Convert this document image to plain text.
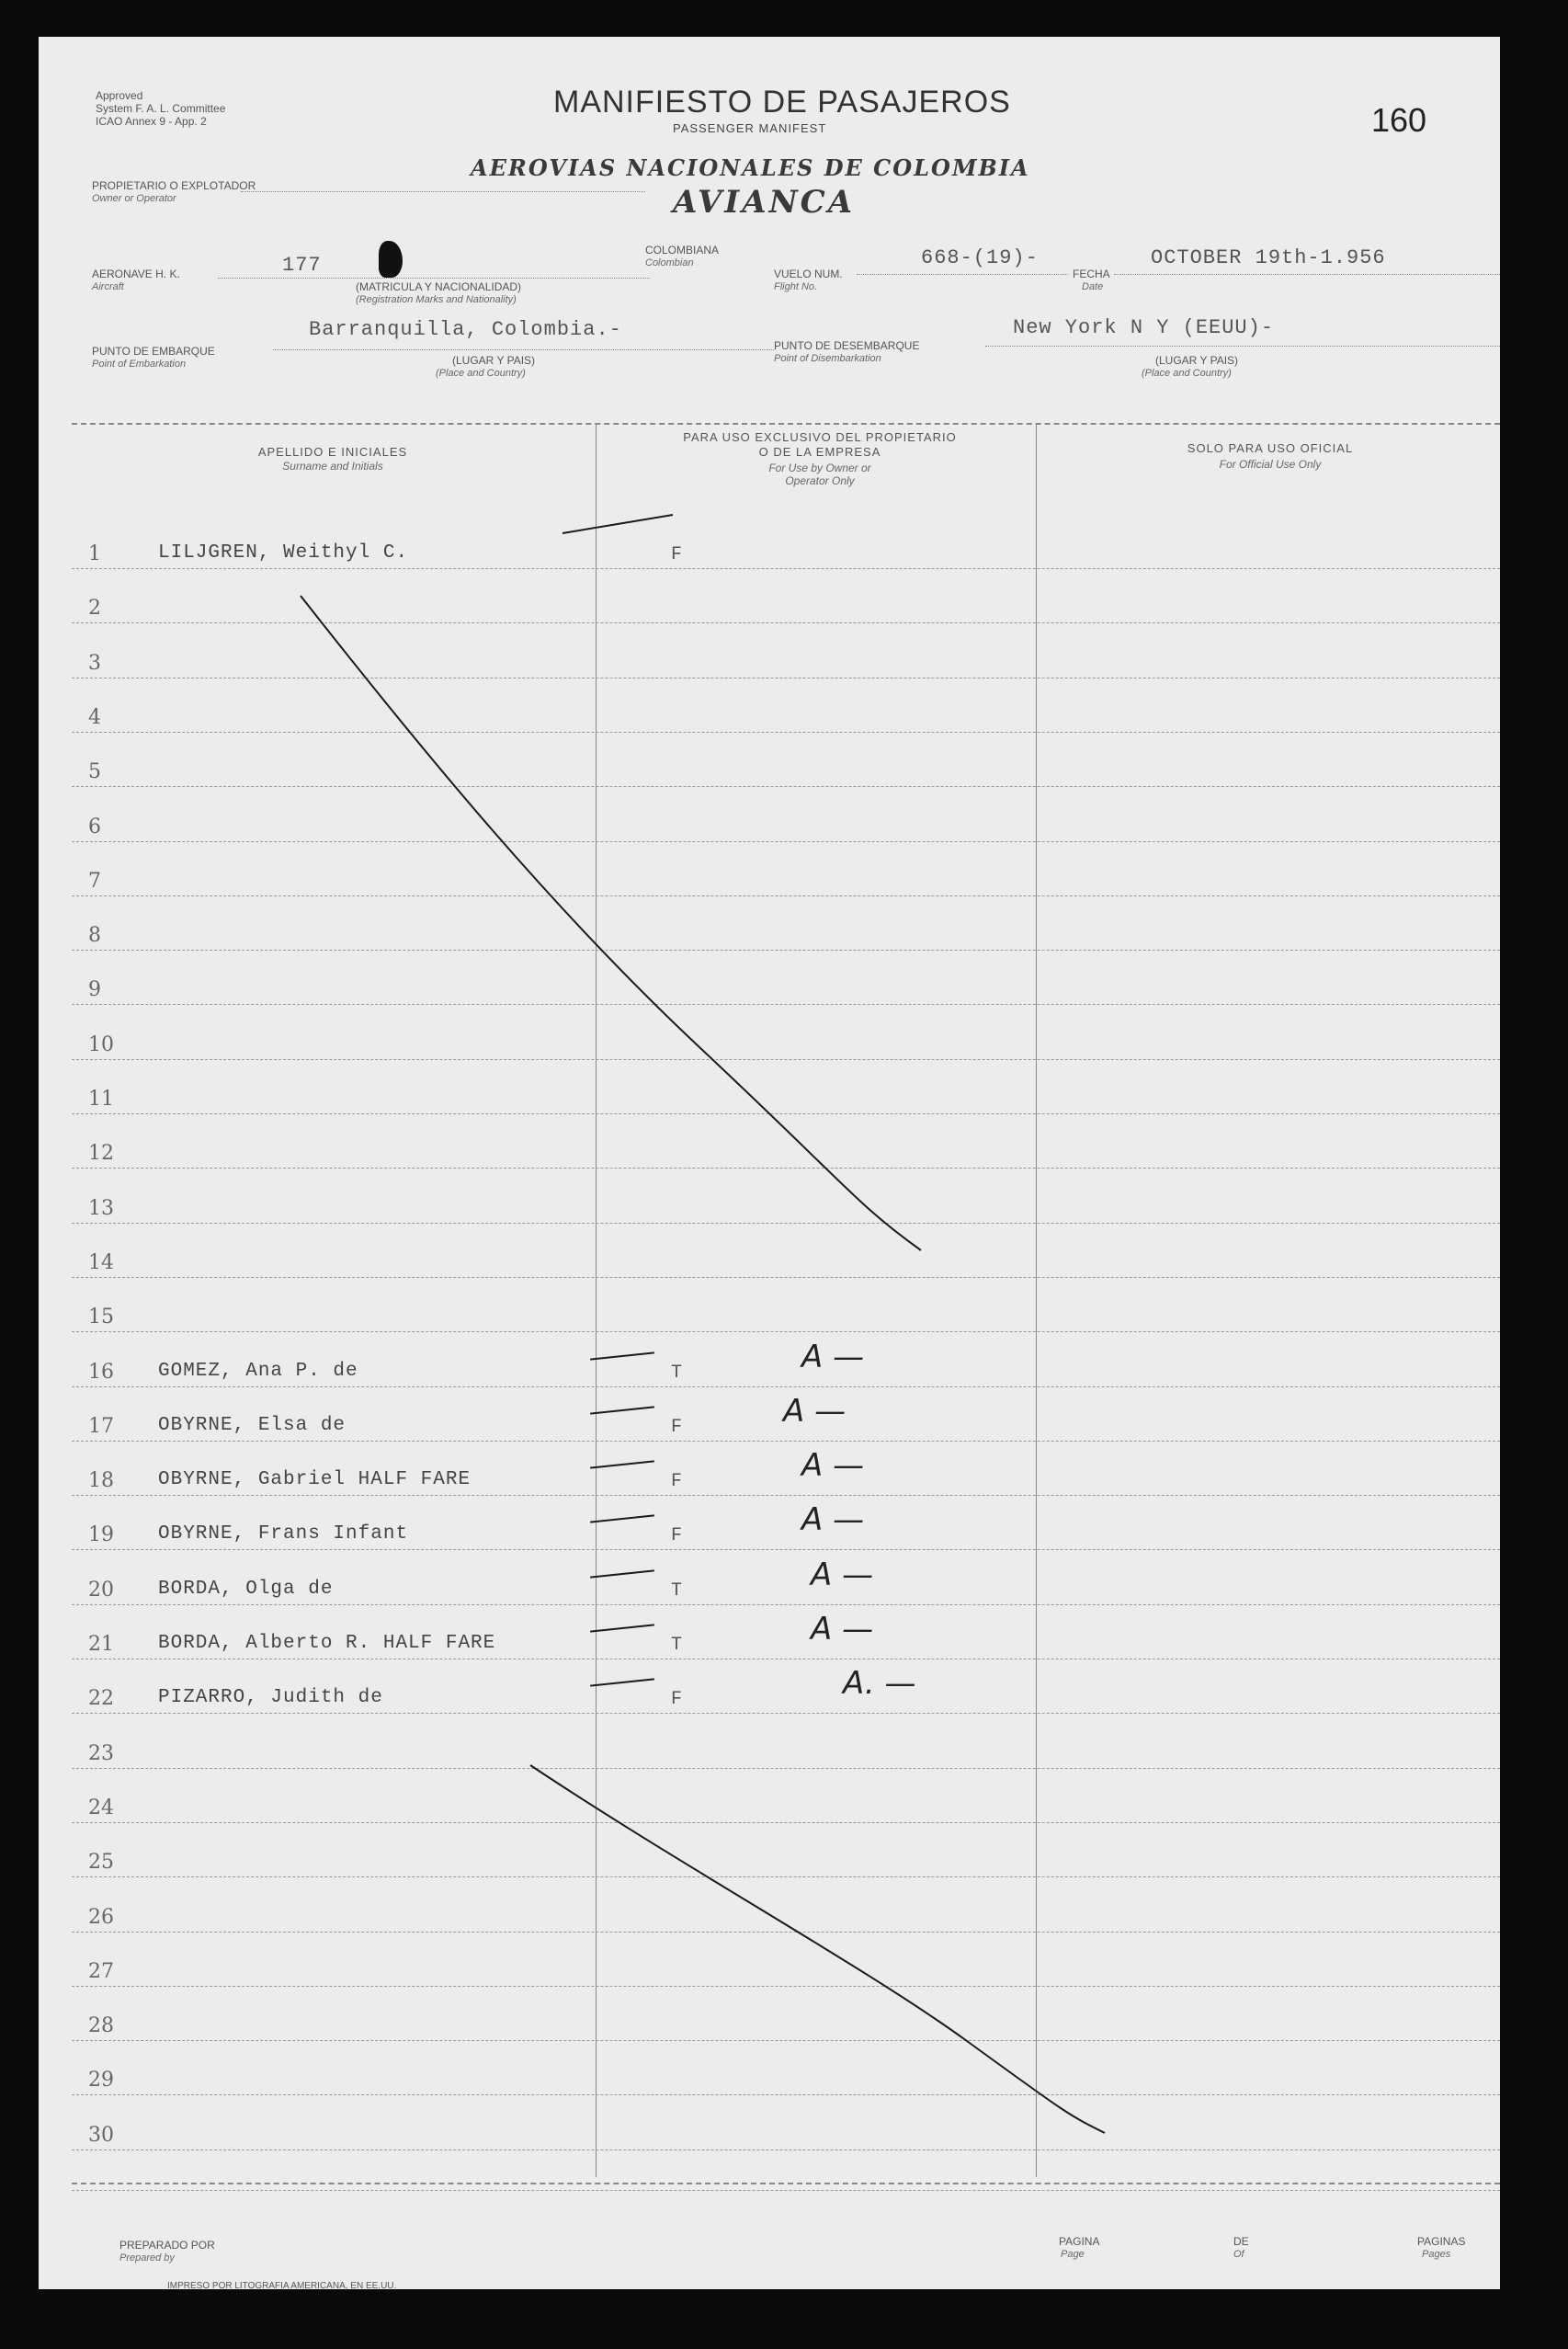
Approved
System F. A. L. Committee
ICAO Annex 9 - App. 2
MANIFIESTO DE PASAJEROS
PASSENGER MANIFEST	160
AEROVIAS NACIONALES DE COLOMBIA
AVIANCA
PROPIETARIO O EXPLOTADOR
Owner or Operator
AERONAVE H. K.
Aircraft
177
(MATRICULA Y NACIONALIDAD)
(Registration Marks and Nationality)
COLOMBIANA
Colombian
VUELO NUM.
Flight No.
668-(19)-
FECHA
Date
OCTOBER 19th-1.956
PUNTO DE EMBARQUE
Point of Embarkation
Barranquilla, Colombia.-
(LUGAR Y PAIS)
(Place and Country)
PUNTO DE DESEMBARQUE
Point of Disembarkation
New York N Y (EEUU)-
(LUGAR Y PAIS)
(Place and Country)
APELLIDO E INICIALES
Surname and Initials
PARA USO EXCLUSIVO DEL PROPIETARIO
O DE LA EMPRESA
For Use by Owner or
Operator Only
SOLO PARA USO OFICIAL
For Official Use Only
1	LILJGREN, Weithyl C.	F
2
3
4
5
6
7
8
9
10
11
12
13
14
15
16 GOMEZ, Ana P. de	T	A —
17 OBYRNE, Elsa de	F	A —
18 OBYRNE, Gabriel HALF FARE	F	A —
19 OBYRNE, Frans Infant	F	A —
20 BORDA, Olga de	T	A —
21 BORDA, Alberto R. HALF FARE	T	A —
22 PIZARRO, Judith de	F	A. —
23
24
25
26
27
28
29
30
PREPARADO POR
Prepared by
PAGINA
Page
DE
Of
PAGINAS
Pages
IMPRESO POR LITOGRAFIA AMERICANA, EN EE.UU.
